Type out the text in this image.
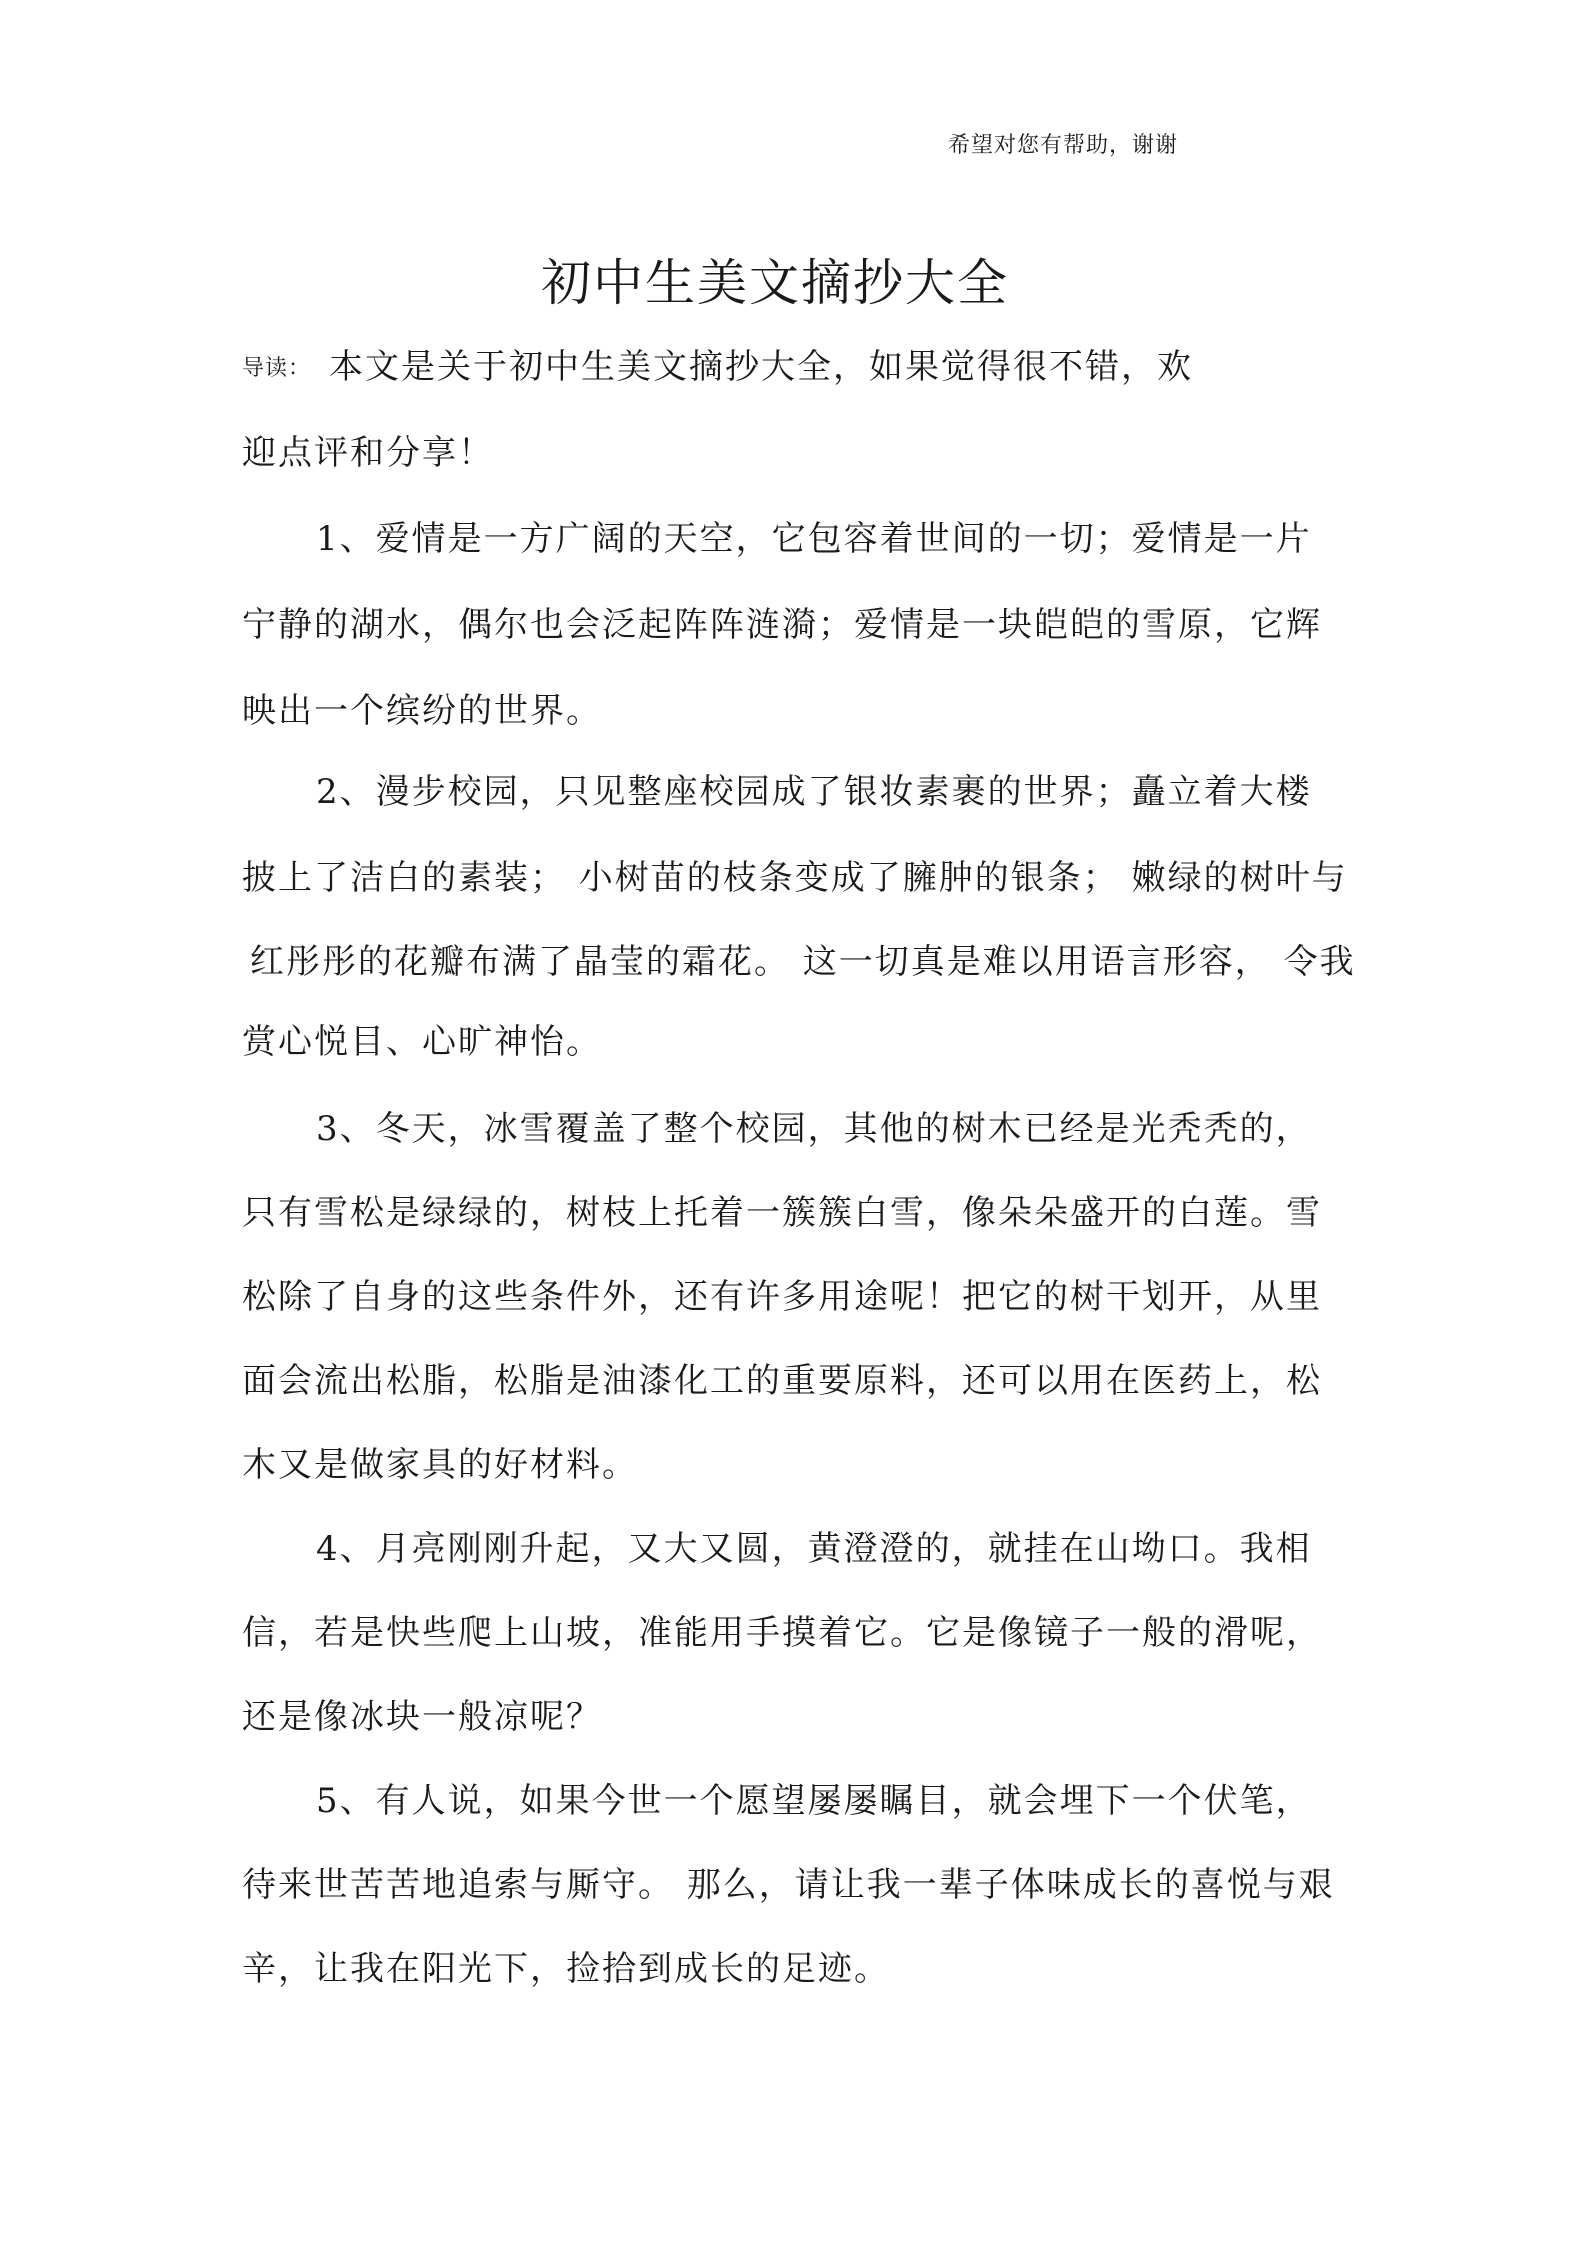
希望对您有帮助，谢谢
初中生美文摘抄大全
导读： 本文是关于初中生美文摘抄大全，如果觉得很不错，欢
迎点评和分享！
1、爱情是一方广阔的天空，它包容着世间的一切；爱情是一片
宁静的湖水，偶尔也会泛起阵阵涟漪；爱情是一块皑皑的雪原，它辉
映出一个缤纷的世界。
2、漫步校园，只见整座校园成了银妆素裹的世界；矗立着大楼
披上了洁白的素装； 小树苗的枝条变成了臃肿的银条； 嫩绿的树叶与
红彤彤的花瓣布满了晶莹的霜花。 这一切真是难以用语言形容， 令我
赏心悦目、心旷神怡。
3、冬天，冰雪覆盖了整个校园，其他的树木已经是光秃秃的，
只有雪松是绿绿的，树枝上托着一簇簇白雪，像朵朵盛开的白莲。雪
松除了自身的这些条件外，还有许多用途呢！把它的树干划开，从里
面会流出松脂，松脂是油漆化工的重要原料，还可以用在医药上，松
木又是做家具的好材料。
4、月亮刚刚升起，又大又圆，黄澄澄的，就挂在山坳口。我相
信，若是快些爬上山坡，准能用手摸着它。它是像镜子一般的滑呢，
还是像冰块一般凉呢？
5、有人说，如果今世一个愿望屡屡瞩目，就会埋下一个伏笔，
待来世苦苦地追索与厮守。 那么，请让我一辈子体味成长的喜悦与艰
辛，让我在阳光下，捡拾到成长的足迹。
